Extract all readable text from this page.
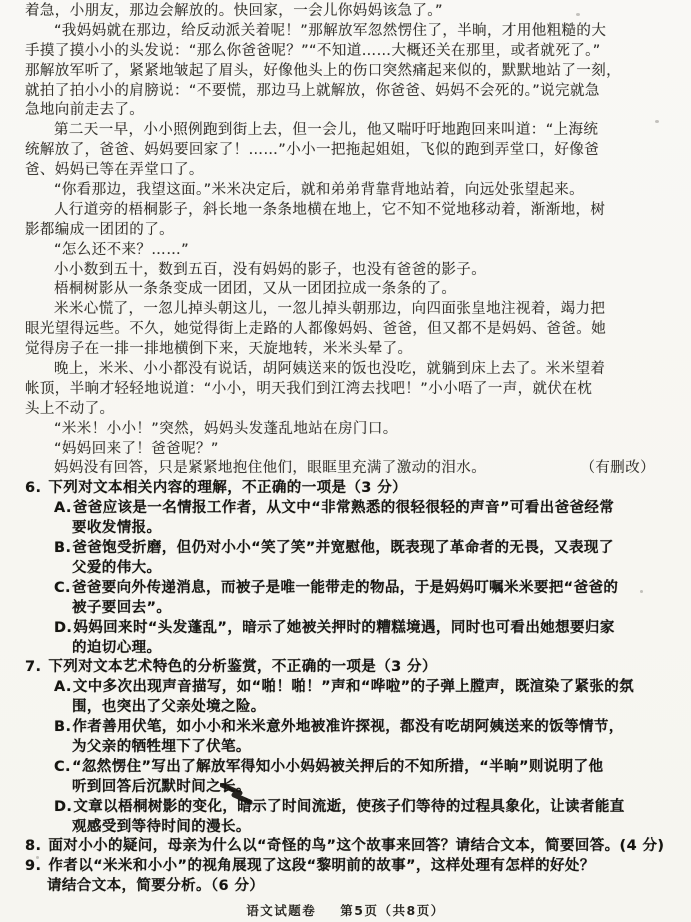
着急，小朋友，那边会解放的。快回家，一会儿你妈妈该急了。”
“我妈妈就在那边，给反动派关着呢！”那解放军忽然愣住了，半晌，才用他粗糙的大
手摸了摸小小的头发说：“那么你爸爸呢？”“不知道……大概还关在那里，或者就死了。”
那解放军听了，紧紧地皱起了眉头，好像他头上的伤口突然痛起来似的，默默地站了一刻，
就拍了拍小小的肩膀说：“不要慌，那边马上就解放，你爸爸、妈妈不会死的。”说完就急
急地向前走去了。
第二天一早，小小照例跑到街上去，但一会儿，他又喘吁吁地跑回来叫道：“上海统
统解放了，爸爸、妈妈要回家了！……”小小一把拖起姐姐，飞似的跑到弄堂口，好像爸
爸、妈妈已等在弄堂口了。
“你看那边，我望这面。”米米决定后，就和弟弟背靠背地站着，向远处张望起来。
人行道旁的梧桐影子，斜长地一条条地横在地上，它不知不觉地移动着，渐渐地，树
影都编成一团团的了。
“怎么还不来？……”
小小数到五十，数到五百，没有妈妈的影子，也没有爸爸的影子。
梧桐树影从一条条变成一团团，又从一团团拉成一条条的了。
米米心慌了，一忽儿掉头朝这儿，一忽儿掉头朝那边，向四面张皇地注视着，竭力把
眼光望得远些。不久，她觉得街上走路的人都像妈妈、爸爸，但又都不是妈妈、爸爸。她
觉得房子在一排一排地横倒下来，天旋地转，米米头晕了。
晚上，米米、小小都没有说话，胡阿姨送来的饭也没吃，就躺到床上去了。米米望着
帐顶，半晌才轻轻地说道：“小小，明天我们到江湾去找吧！”小小唔了一声，就伏在枕
头上不动了。
“米米！小小！”突然，妈妈头发蓬乱地站在房门口。
“妈妈回来了！爸爸呢？”
妈妈没有回答，只是紧紧地抱住他们，眼眶里充满了激动的泪水。	（有删改）
6. 下列对文本相关内容的理解，不正确的一项是（3 分）
A.爸爸应该是一名情报工作者，从文中“非常熟悉的很轻很轻的声音”可看出爸爸经常
要收发情报。
B.爸爸饱受折磨，但仍对小小“笑了笑”并宽慰他，既表现了革命者的无畏，又表现了
父爱的伟大。
C.爸爸要向外传递消息，而被子是唯一能带走的物品，于是妈妈叮嘱米米要把“爸爸的
被子要回去”。
D.妈妈回来时“头发蓬乱”，暗示了她被关押时的糟糕境遇，同时也可看出她想要归家
的迫切心理。
7. 下列对文本艺术特色的分析鉴赏，不正确的一项是（3 分）
A.文中多次出现声音描写，如“啪！啪！”声和“哗啦”的子弹上膛声，既渲染了紧张的氛
围，也突出了父亲处境之险。
B.作者善用伏笔，如小小和米米意外地被准许探视，都没有吃胡阿姨送来的饭等情节，
为父亲的牺牲埋下了伏笔。
C.“忽然愣住”写出了解放军得知小小妈妈被关押后的不知所措，“半晌”则说明了他
听到回答后沉默时间之长。
D.文章以梧桐树影的变化，暗示了时间流逝，使孩子们等待的过程具象化，让读者能直
观感受到等待时间的漫长。
8. 面对小小的疑问，母亲为什么以“奇怪的鸟”这个故事来回答？请结合文本，简要回答。(4 分)
9. 作者以“米米和小小”的视角展现了这段“黎明前的故事”，这样处理有怎样的好处？
请结合文本，简要分析。（6 分）
语文试题卷 第5页（共8页）
